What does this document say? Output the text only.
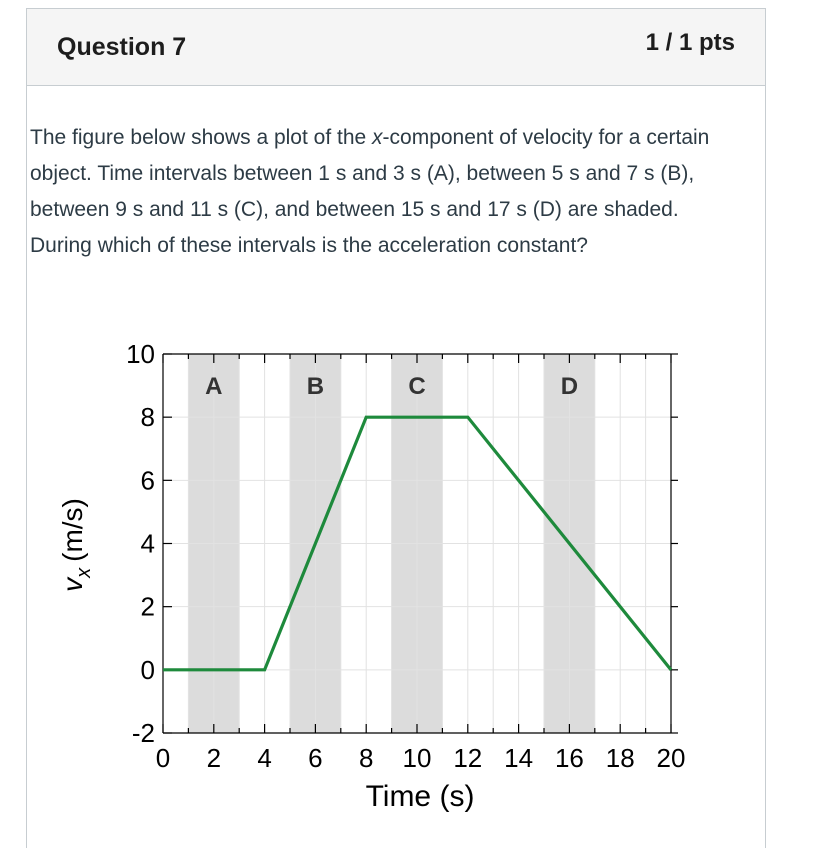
Question 7	1 / 1 pts
The figure below shows a plot of the x-component of velocity for a certain object. Time intervals between 1 s and 3 s (A), between 5 s and 7 s (B), between 9 s and 11 s (C), and between 15 s and 17 s (D) are shaded. During which of these intervals is the acceleration constant?
A	B	C	D
0 2 4 6 8 10 12 14 16 18 20
-2
0
2
4
6
8
10
Time (s)
$v_x(m/s)$
